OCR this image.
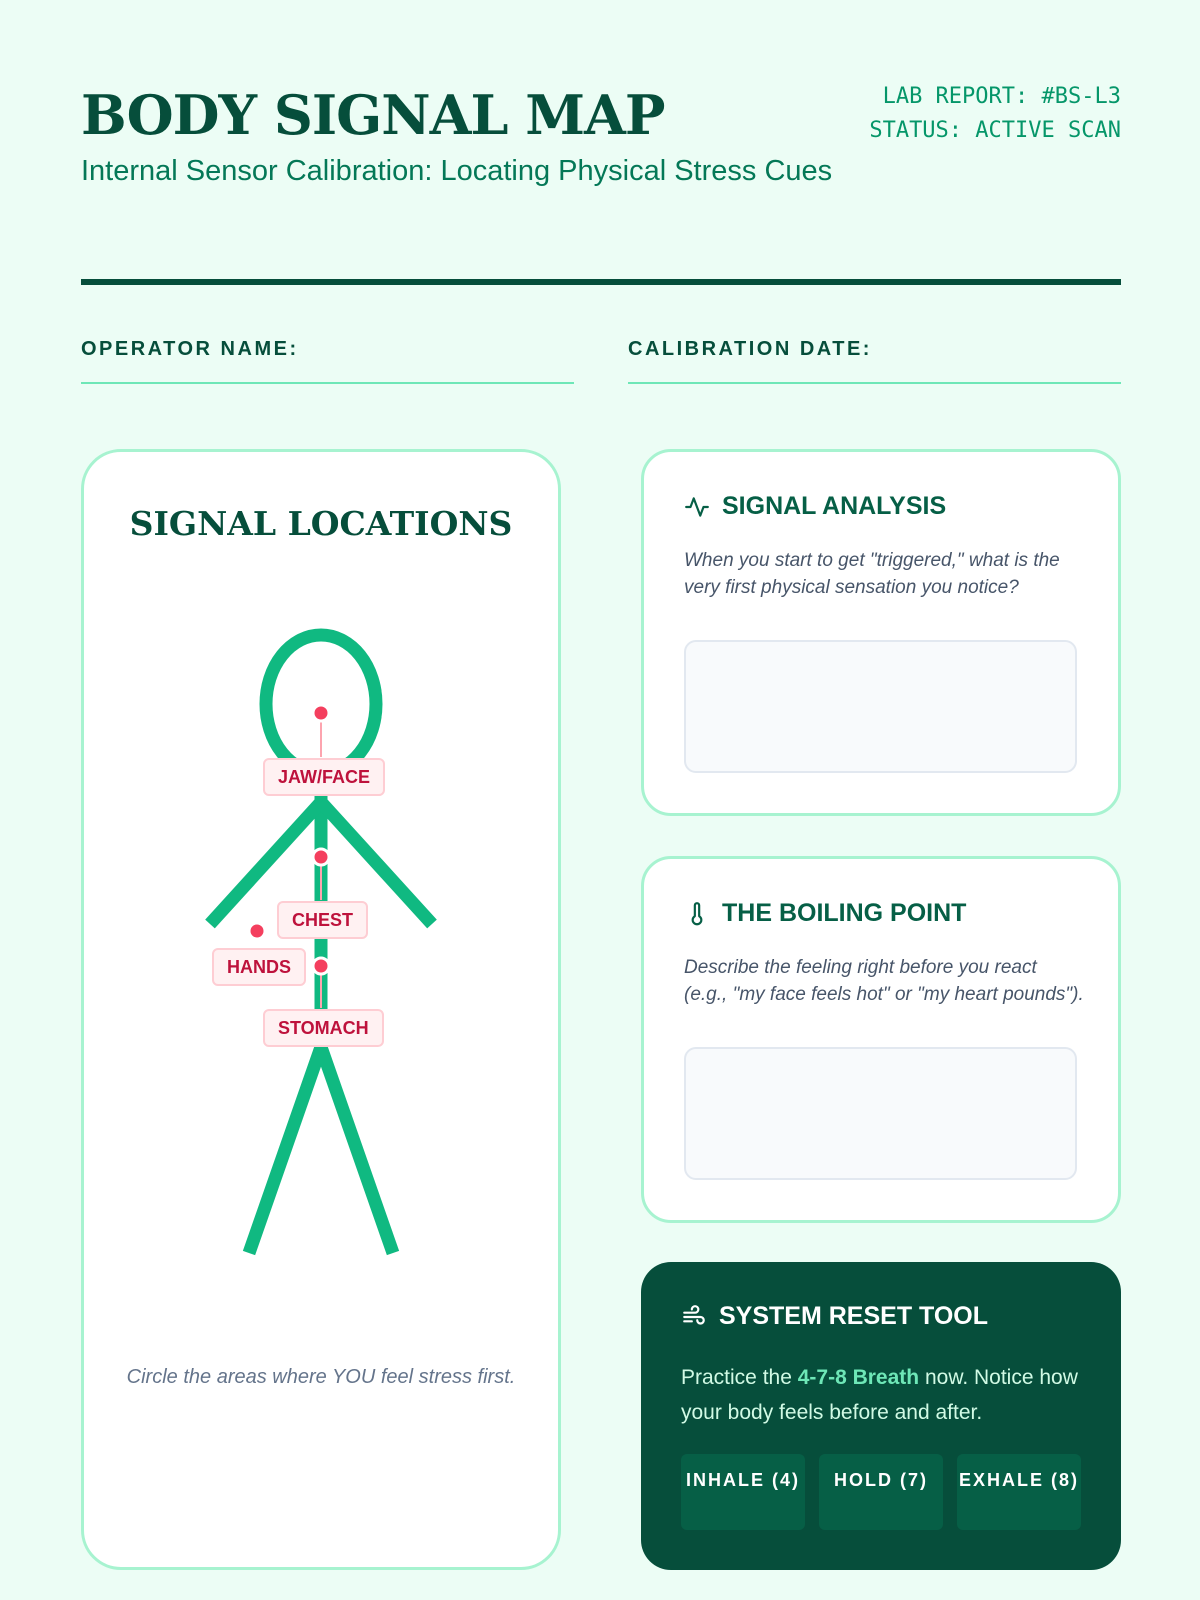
BODY SIGNAL MAP

Internal Sensor Calibration: Locating Physical Stress Cues

LAB REPORT: #BS-L3
STATUS: ACTIVE SCAN
OPERATOR NAME:	CALIBRATION DATE:
SIGNAL LOCATIONS
JAW/FACE
CHEST
HANDS
STOMACH
Circle the areas where YOU feel stress first.
SIGNAL ANALYSIS
When you start to get "triggered," what is the very first physical sensation you notice?
THE BOILING POINT
Describe the feeling right before you react (e.g., "my face feels hot" or "my heart pounds").
SYSTEM RESET TOOL
Practice the 4-7-8 Breath now. Notice how your body feels before and after.
INHALE (4)	HOLD (7)	EXHALE (8)
